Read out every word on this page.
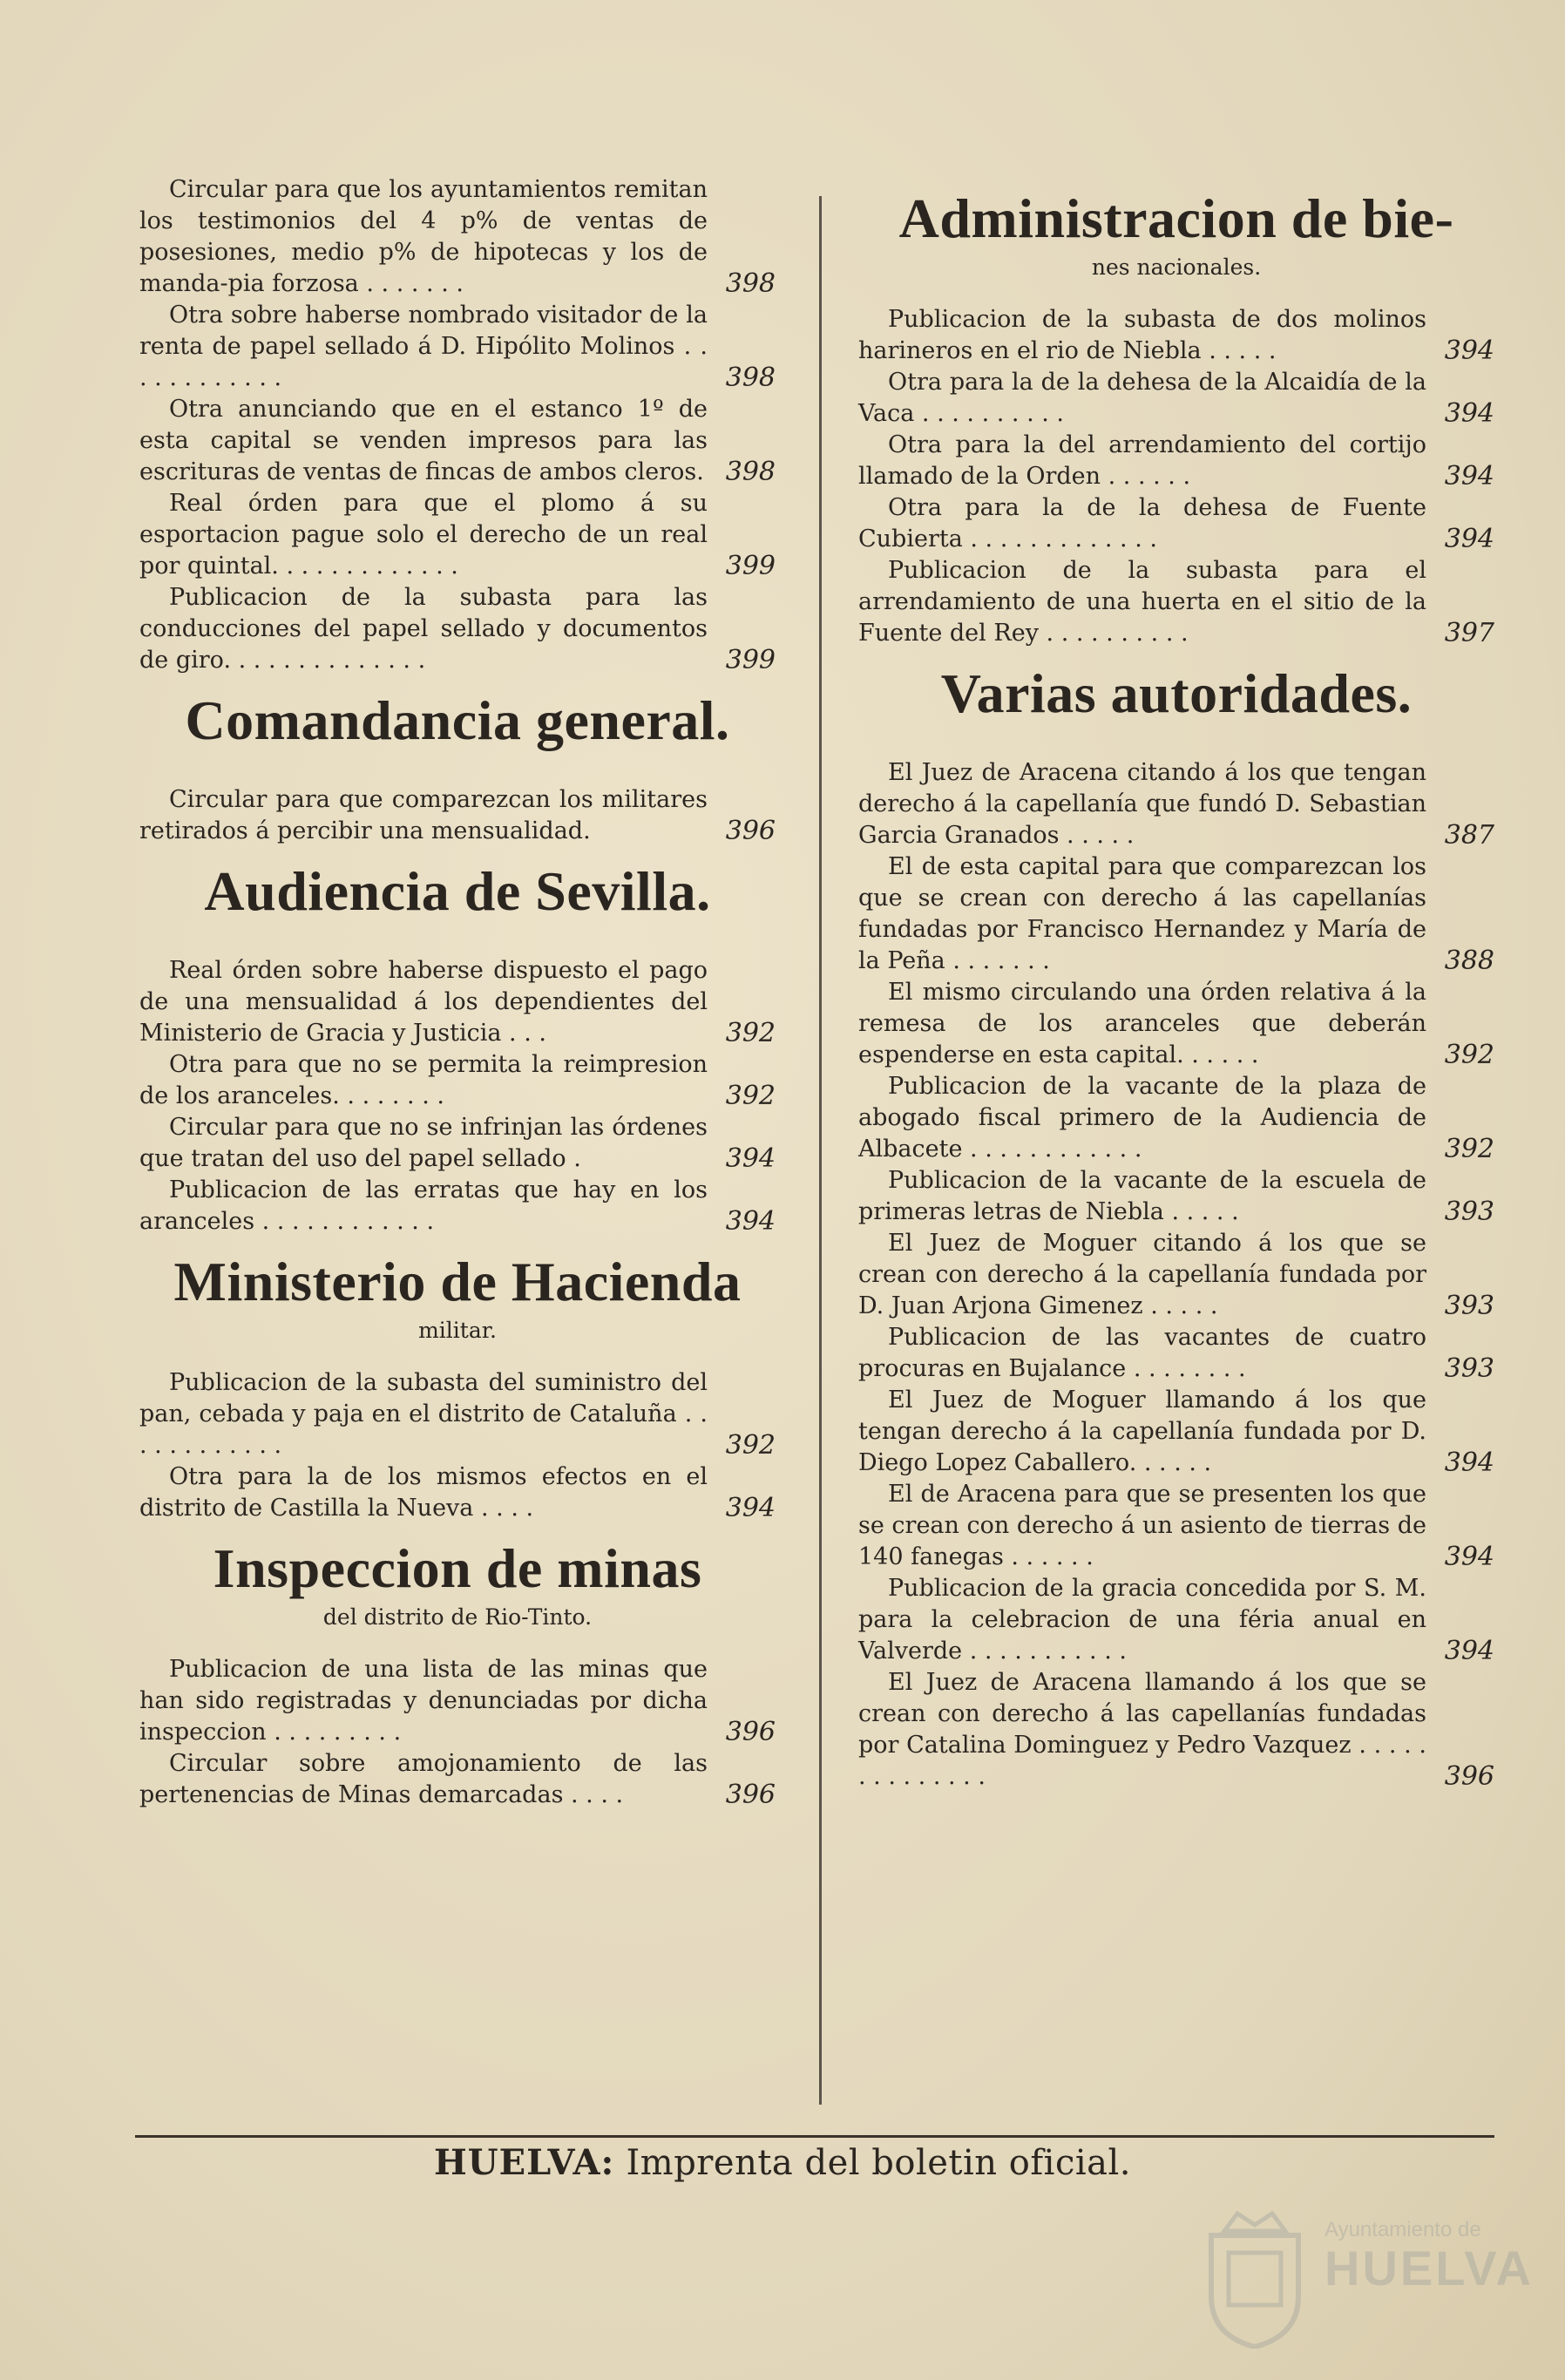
Circular para que los ayuntamientos remitan los testimonios del 4 p% de ventas de posesiones, medio p% de hipotecas y los de manda-pia forzosa . . . . . . .	398
Otra sobre haberse nombrado visitador de la renta de papel sellado á D. Hipólito Molinos . . . . . . . . . . . .	398
Otra anunciando que en el estanco 1º de esta capital se venden impresos para las escrituras de ventas de fincas de ambos cleros. 398
Real órden para que el plomo á su esportacion pague solo el derecho de un real por quintal. . . . . . . . . . . . .	399
Publicacion de la subasta para las conducciones del papel sellado y documentos de giro. . . . . . . . . . . . . .	399
Comandancia general.
Circular para que comparezcan los militares retirados á percibir una mensualidad.	396
Audiencia de Sevilla.
Real órden sobre haberse dispuesto el pago de una mensualidad á los dependientes del Ministerio de Gracia y Justicia . . .	392
Otra para que no se permita la reimpresion de los aranceles. . . . . . . .	392
Circular para que no se infrinjan las órdenes que tratan del uso del papel sellado .	394
Publicacion de las erratas que hay en los aranceles . . . . . . . . . . . .	394
Ministerio de Hacienda
militar.
Publicacion de la subasta del suministro del pan, cebada y paja en el distrito de Cataluña . . . . . . . . . . . .	392
Otra para la de los mismos efectos en el distrito de Castilla la Nueva . . . .	394
Inspeccion de minas
del distrito de Rio-Tinto.
Publicacion de una lista de las minas que han sido registradas y denunciadas por dicha inspeccion . . . . . . . . .	396
Circular sobre amojonamiento de las pertenencias de Minas demarcadas . . . .	396
Administracion de bie-
nes nacionales.
Publicacion de la subasta de dos molinos harineros en el rio de Niebla . . . . .	394
Otra para la de la dehesa de la Alcaidía de la Vaca . . . . . . . . . .	394
Otra para la del arrendamiento del cortijo llamado de la Orden . . . . . .	394
Otra para la de la dehesa de Fuente Cubierta . . . . . . . . . . . . .	394
Publicacion de la subasta para el arrendamiento de una huerta en el sitio de la Fuente del Rey . . . . . . . . . .	397
Varias autoridades.
El Juez de Aracena citando á los que tengan derecho á la capellanía que fundó D. Sebastian Garcia Granados . . . . .	387
El de esta capital para que comparezcan los que se crean con derecho á las capellanías fundadas por Francisco Hernandez y María de la Peña . . . . . . .	388
El mismo circulando una órden relativa á la remesa de los aranceles que deberán espenderse en esta capital. . . . . .	392
Publicacion de la vacante de la plaza de abogado fiscal primero de la Audiencia de Albacete . . . . . . . . . . . .	392
Publicacion de la vacante de la escuela de primeras letras de Niebla . . . . .	393
El Juez de Moguer citando á los que se crean con derecho á la capellanía fundada por D. Juan Arjona Gimenez . . . . .	393
Publicacion de las vacantes de cuatro procuras en Bujalance . . . . . . . .	393
El Juez de Moguer llamando á los que tengan derecho á la capellanía fundada por D. Diego Lopez Caballero. . . . . .	394
El de Aracena para que se presenten los que se crean con derecho á un asiento de tierras de 140 fanegas . . . . . .	394
Publicacion de la gracia concedida por S. M. para la celebracion de una féria anual en Valverde . . . . . . . . . . .	394
El Juez de Aracena llamando á los que se crean con derecho á las capellanías fundadas por Catalina Dominguez y Pedro Vazquez . . . . . . . . . . . . . .	396
HUELVA: Imprenta del boletin oficial.
Ayuntamiento de
HUELVA
